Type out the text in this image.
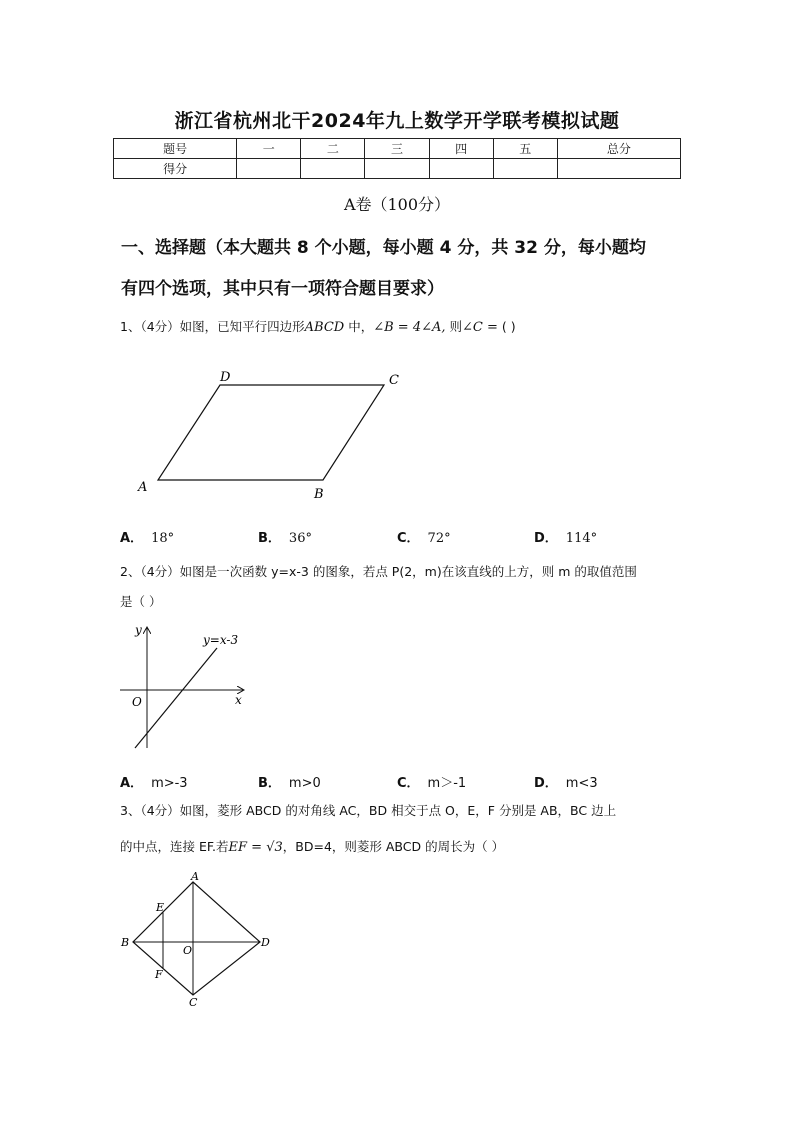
浙江省杭州北干2024年九上数学开学联考模拟试题
题号	一	二	三	四	五	总分
得分						
A卷（100分）
一、选择题（本大题共 8 个小题，每小题 4 分，共 32 分，每小题均
有四个选项，其中只有一项符合题目要求）
1、（4分）如图，已知平行四边形ABCD 中，∠B = 4∠A, 则∠C = ( )
A	B
C
D
A． 18°	B． 36°	C． 72°	D． 114°
2、（4分）如图是一次函数 y=x-3 的图象，若点 P(2，m)在该直线的上方，则 m 的取值范围
是（ ）
y
x
O
y=x-3
A． m>-3	B． m>0	C． m＞-1	D． m<3
3、（4分）如图，菱形 ABCD 的对角线 AC，BD 相交于点 O，E，F 分别是 AB，BC 边上
的中点，连接 EF.若EF = √3，BD=4，则菱形 ABCD 的周长为（ ）
A
B
C
D
E
F
O
